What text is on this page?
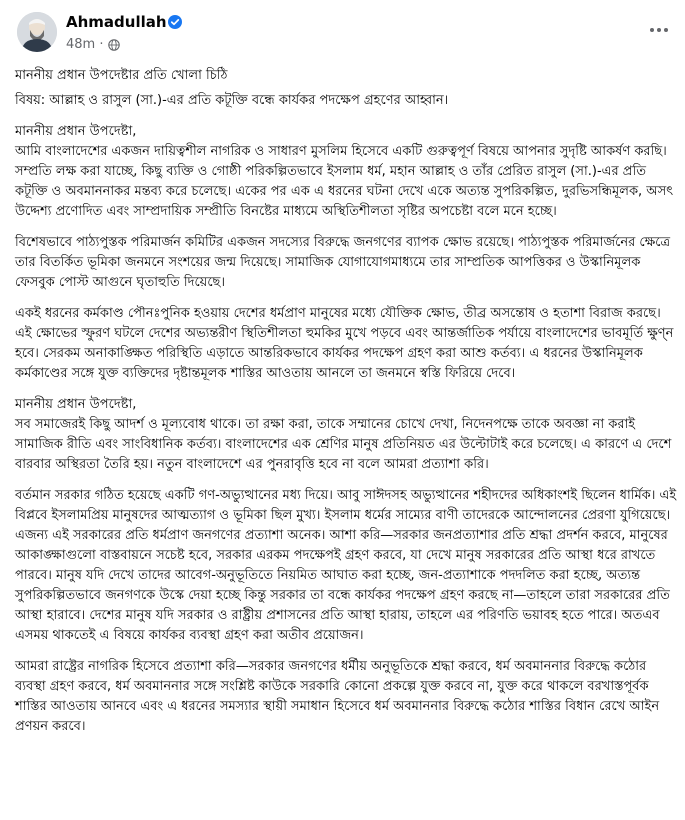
Ahmadullah
48m ·

মাননীয় প্রধান উপদেষ্টার প্রতি খোলা চিঠি

বিষয়: আল্লাহ ও রাসুল (সা.)-এর প্রতি কটূক্তি বন্ধে কার্যকর পদক্ষেপ গ্রহণের আহ্বান।

মাননীয় প্রধান উপদেষ্টা,
আমি বাংলাদেশের একজন দায়িত্বশীল নাগরিক ও সাধারণ মুসলিম হিসেবে একটি গুরুত্বপূর্ণ বিষয়ে আপনার সুদৃষ্টি আকর্ষণ করছি। সম্প্রতি লক্ষ করা যাচ্ছে, কিছু ব্যক্তি ও গোষ্ঠী পরিকল্পিতভাবে ইসলাম ধর্ম, মহান আল্লাহ ও তাঁর প্রেরিত রাসুল (সা.)-এর প্রতি কটূক্তি ও অবমাননাকর মন্তব্য করে চলেছে। একের পর এক এ ধরনের ঘটনা দেখে একে অত্যন্ত সুপরিকল্পিত, দুরভিসন্ধিমূলক, অসৎ উদ্দেশ্য প্রণোদিত এবং সাম্প্রদায়িক সম্প্রীতি বিনষ্টের মাধ্যমে অস্থিতিশীলতা সৃষ্টির অপচেষ্টা বলে মনে হচ্ছে।

বিশেষভাবে পাঠ্যপুস্তক পরিমার্জন কমিটির একজন সদস্যের বিরুদ্ধে জনগণের ব্যাপক ক্ষোভ রয়েছে। পাঠ্যপুস্তক পরিমার্জনের ক্ষেত্রে তার বিতর্কিত ভূমিকা জনমনে সংশয়ের জন্ম দিয়েছে। সামাজিক যোগাযোগমাধ্যমে তার সাম্প্রতিক আপত্তিকর ও উস্কানিমূলক ফেসবুক পোস্ট আগুনে ঘৃতাহুতি দিয়েছে।

একই ধরনের কর্মকাণ্ড পৌনঃপুনিক হওয়ায় দেশের ধর্মপ্রাণ মানুষের মধ্যে যৌক্তিক ক্ষোভ, তীব্র অসন্তোষ ও হতাশা বিরাজ করছে। এই ক্ষোভের স্ফুরণ ঘটলে দেশের অভ্যন্তরীণ স্থিতিশীলতা হুমকির মুখে পড়বে এবং আন্তর্জাতিক পর্যায়ে বাংলাদেশের ভাবমূর্তি ক্ষুণ্ন হবে। সেরকম অনাকাঙ্ক্ষিত পরিস্থিতি এড়াতে আন্তরিকভাবে কার্যকর পদক্ষেপ গ্রহণ করা আশু কর্তব্য। এ ধরনের উস্কানিমূলক কর্মকাণ্ডের সঙ্গে যুক্ত ব্যক্তিদের দৃষ্টান্তমূলক শাস্তির আওতায় আনলে তা জনমনে স্বস্তি ফিরিয়ে দেবে।

মাননীয় প্রধান উপদেষ্টা,
সব সমাজেরই কিছু আদর্শ ও মূল্যবোধ থাকে। তা রক্ষা করা, তাকে সম্মানের চোখে দেখা, নিদেনপক্ষে তাকে অবজ্ঞা না করাই সামাজিক রীতি এবং সাংবিধানিক কর্তব্য। বাংলাদেশের এক শ্রেণির মানুষ প্রতিনিয়ত এর উল্টোটাই করে চলেছে। এ কারণে এ দেশে বারবার অস্থিরতা তৈরি হয়। নতুন বাংলাদেশে এর পুনরাবৃত্তি হবে না বলে আমরা প্রত্যাশা করি।

বর্তমান সরকার গঠিত হয়েছে একটি গণ-অভ্যুত্থানের মধ্য দিয়ে। আবু সাঈদসহ অভ্যুত্থানের শহীদদের অধিকাংশই ছিলেন ধার্মিক। এই বিপ্লবে ইসলামপ্রিয় মানুষদের আত্মত্যাগ ও ভূমিকা ছিল মুখ্য। ইসলাম ধর্মের সাম্যের বাণী তাদেরকে আন্দোলনের প্রেরণা যুগিয়েছে। এজন্য এই সরকারের প্রতি ধর্মপ্রাণ জনগণের প্রত্যাশা অনেক। আশা করি—সরকার জনপ্রত্যাশার প্রতি শ্রদ্ধা প্রদর্শন করবে, মানুষের আকাঙ্ক্ষাগুলো বাস্তবায়নে সচেষ্ট হবে, সরকার এরকম পদক্ষেপই গ্রহণ করবে, যা দেখে মানুষ সরকারের প্রতি আস্থা ধরে রাখতে পারবে। মানুষ যদি দেখে তাদের আবেগ-অনুভূতিতে নিয়মিত আঘাত করা হচ্ছে, জন-প্রত্যাশাকে পদদলিত করা হচ্ছে, অত্যন্ত সুপরিকল্পিতভাবে জনগণকে উস্কে দেয়া হচ্ছে কিন্তু সরকার তা বন্ধে কার্যকর পদক্ষেপ গ্রহণ করছে না—তাহলে তারা সরকারের প্রতি আস্থা হারাবে। দেশের মানুষ যদি সরকার ও রাষ্ট্রীয় প্রশাসনের প্রতি আস্থা হারায়, তাহলে এর পরিণতি ভয়াবহ হতে পারে। অতএব এসময় থাকতেই এ বিষয়ে কার্যকর ব্যবস্থা গ্রহণ করা অতীব প্রয়োজন।

আমরা রাষ্ট্রের নাগরিক হিসেবে প্রত্যাশা করি—সরকার জনগণের ধর্মীয় অনুভূতিকে শ্রদ্ধা করবে, ধর্ম অবমাননার বিরুদ্ধে কঠোর ব্যবস্থা গ্রহণ করবে, ধর্ম অবমাননার সঙ্গে সংশ্লিষ্ট কাউকে সরকারি কোনো প্রকল্পে যুক্ত করবে না, যুক্ত করে থাকলে বরখাস্তপূর্বক শাস্তির আওতায় আনবে এবং এ ধরনের সমস্যার স্থায়ী সমাধান হিসেবে ধর্ম অবমাননার বিরুদ্ধে কঠোর শাস্তির বিধান রেখে আইন প্রণয়ন করবে।
